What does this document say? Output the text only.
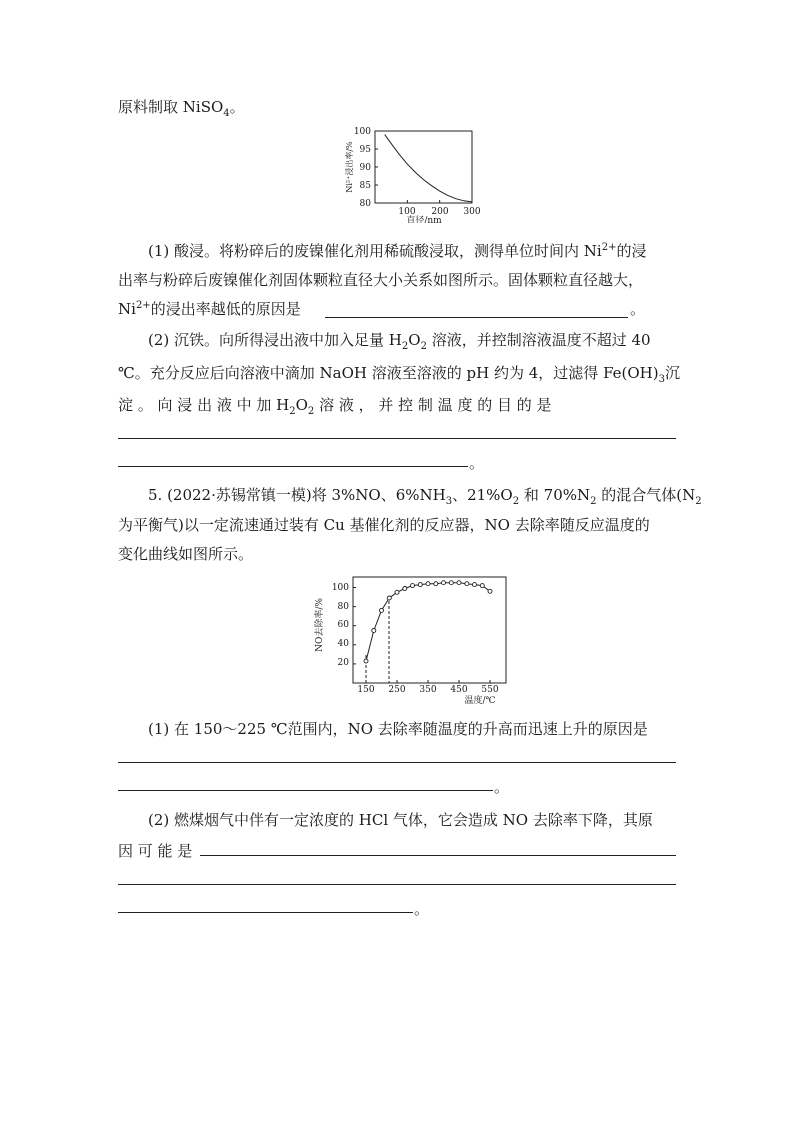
原料制取 NiSO$_4$。
100
95
90
85
80
100 200 300
直径/nm
Ni²⁺浸出率/%
(1) 酸浸。将粉碎后的废镍催化剂用稀硫酸浸取，测得单位时间内 $Ni^{2+}$的浸
出率与粉碎后废镍催化剂固体颗粒直径大小关系如图所示。固体颗粒直径越大，
$Ni^{2+}$的浸出率越低的原因是	。
(2) 沉铁。向所得浸出液中加入足量 $H_2O_2$ 溶液，并控制溶液温度不超过 40
℃。充分反应后向溶液中滴加 NaOH 溶液至溶液的 pH 约为 4，过滤得 $Fe(OH)_3$沉
淀 。 向 浸 出 液 中 加 $H_2O_2$ 溶 液 ， 并 控 制 温 度 的 目 的 是
。
5. (2022·苏锡常镇一模)将 3%NO、$6\%NH_3$、$21\%O_2$ 和 $70\%N_2$ 的混合气体($N_2$
为平衡气)以一定流速通过装有 Cu 基催化剂的反应器，NO 去除率随反应温度的
变化曲线如图所示。
100
80
60
40
20
150 250 350 450 550
温度/℃
NO去除率/%
(1) 在 150～225 ℃范围内，NO 去除率随温度的升高而迅速上升的原因是
。
(2) 燃煤烟气中伴有一定浓度的 HCl 气体，它会造成 NO 去除率下降，其原
因 可 能 是
。
